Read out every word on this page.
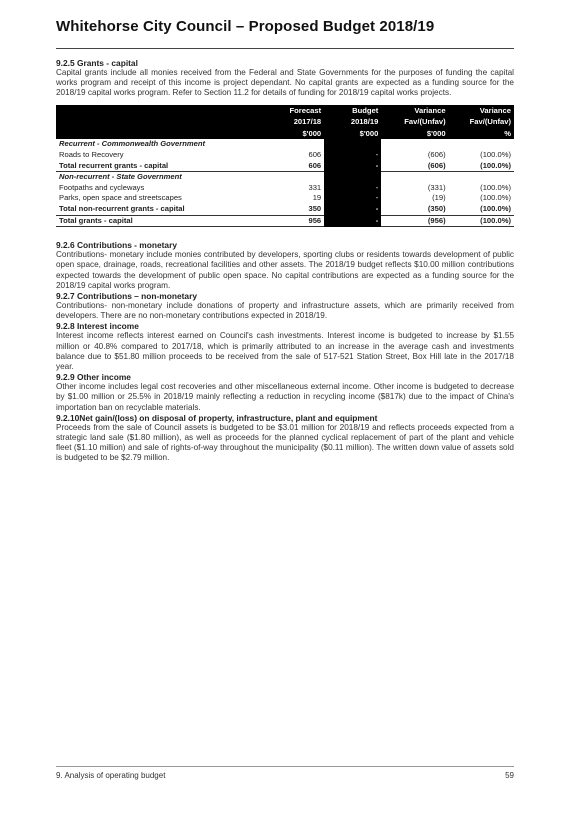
Whitehorse City Council – Proposed Budget 2018/19
9.2.5 Grants - capital

Capital grants include all monies received from the Federal and State Governments for the purposes of funding the capital works program and receipt of this income is project dependant. No capital grants are expected as a funding source for the 2018/19 capital works program. Refer to Section 11.2 for details of funding for 2018/19 capital works projects.

	Forecast	Budget	Variance	Variance
	2017/18	2018/19	Fav/(Unfav)	Fav/(Unfav)
	$'000	$'000	$'000	%
Recurrent - Commonwealth Government				
Roads to Recovery	606	-	(606)	(100.0%)
Total recurrent grants - capital	606	-	(606)	(100.0%)
Non-recurrent - State Government				
Footpaths and cycleways	331	-	(331)	(100.0%)
Parks, open space and streetscapes	19	-	(19)	(100.0%)
Total non-recurrent grants - capital	350	-	(350)	(100.0%)
Total grants - capital	956	-	(956)	(100.0%)
9.2.6 Contributions - monetary

Contributions- monetary include monies contributed by developers, sporting clubs or residents towards development of public open space, drainage, roads, recreational facilities and other assets. The 2018/19 budget reflects $10.00 million contributions expected towards the development of public open space. No capital contributions are expected as a funding source for the 2018/19 capital works program.

9.2.7 Contributions – non-monetary

Contributions- non-monetary include donations of property and infrastructure assets, which are primarily received from developers. There are no non-monetary contributions expected in 2018/19.

9.2.8 Interest income

Interest income reflects interest earned on Council's cash investments. Interest income is budgeted to increase by $1.55 million or 40.8% compared to 2017/18, which is primarily attributed to an increase in the average cash and investments balance due to $51.80 million proceeds to be received from the sale of 517-521 Station Street, Box Hill late in the 2017/18 year.

9.2.9 Other income

Other income includes legal cost recoveries and other miscellaneous external income. Other income is budgeted to decrease by $1.00 million or 25.5% in 2018/19 mainly reflecting a reduction in recycling income ($817k) due to the impact of China's importation ban on recyclable materials.

9.2.10Net gain/(loss) on disposal of property, infrastructure, plant and equipment

Proceeds from the sale of Council assets is budgeted to be $3.01 million for 2018/19 and reflects proceeds expected from a strategic land sale ($1.80 million), as well as proceeds for the planned cyclical replacement of part of the plant and vehicle fleet ($1.10 million) and sale of rights-of-way throughout the municipality ($0.11 million). The written down value of assets sold is budgeted to be $2.79 million.

9. Analysis of operating budget	59
